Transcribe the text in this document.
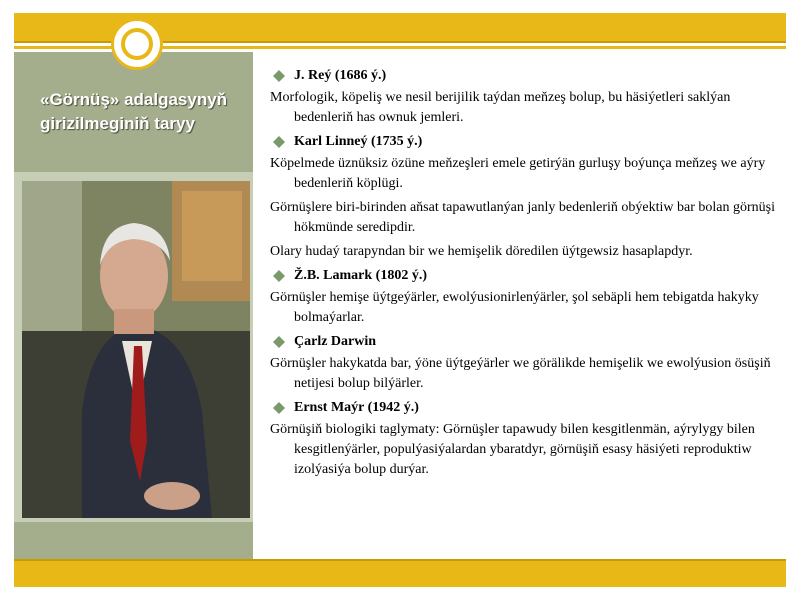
«Görnüş» adalgasynyň girizilmeginiň taryy
J. Reý (1686 ý.)
Morfologik, köpeliş we nesil berijilik taýdan meňzeş bolup, bu häsiýetleri saklýan bedenleriň has ownuk jemleri.
Karl Linneý (1735 ý.)
Köpelmede üznüksiz özüne meňzeşleri emele getirýän gurluşy boýunça meňzeş we aýry bedenleriň köplügi.
Görnüşlere biri-birinden aňsat tapawutlanýan janly bedenleriň obýektiw bar bolan görnüşi hökmünde seredipdir.
Olary hudaý tarapyndan bir we hemişelik döredilen üýtgewsiz hasaplapdyr.
Ž.B. Lamark (1802 ý.)
Görnüşler hemişe üýtgeýärler, ewolýusionirlenýärler, şol sebäpli hem tebigatda hakyky bolmaýarlar.
Çarlz Darwin
Görnüşler hakykatda bar, ýöne üýtgeýärler we görälikde hemişelik we ewolýusion ösüşiň netijesi bolup bilýärler.
Ernst Maýr (1942 ý.)
Görnüşiň biologiki taglymaty: Görnüşler tapawudy bilen kesgitlenmän, aýrylygy bilen kesgitlenýärler, populýasiýalardan ybaratdyr, görnüşiň esasy häsiýeti reproduktiw izolýasiýa bolup durýar.
